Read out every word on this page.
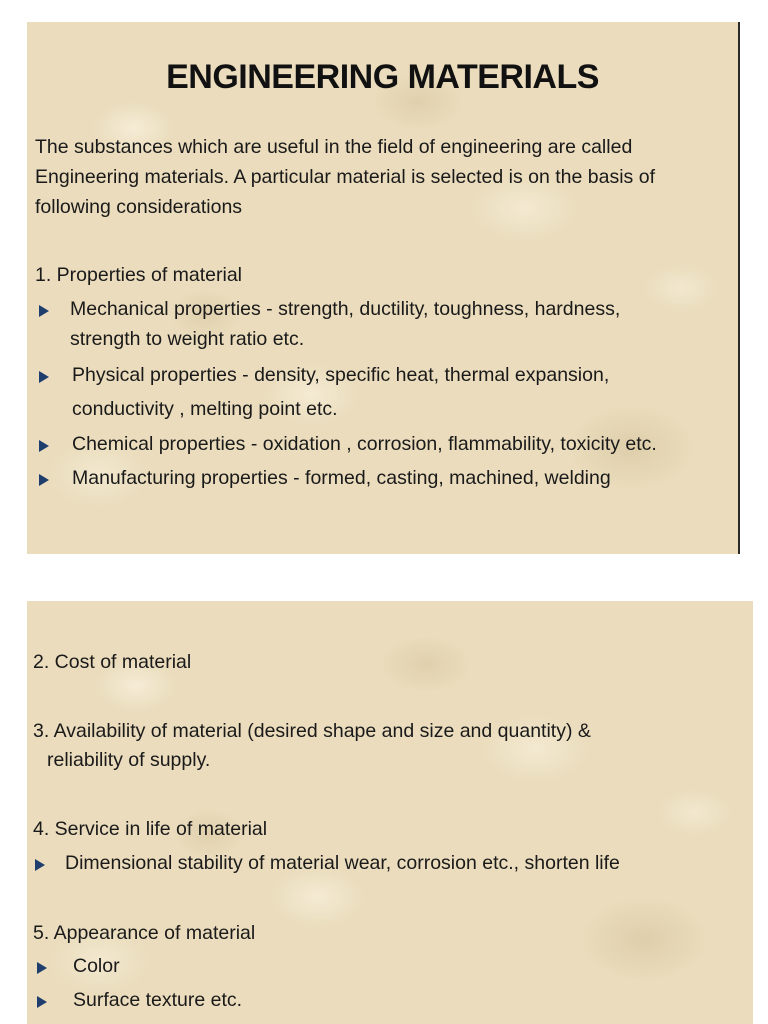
ENGINEERING MATERIALS
The substances which are useful in the field of engineering are called
Engineering materials. A particular material is selected is on the basis of
following considerations
1. Properties of material
Mechanical properties - strength, ductility, toughness, hardness,
strength to weight ratio etc.
Physical properties - density, specific heat, thermal expansion,
conductivity , melting point etc.
Chemical properties - oxidation , corrosion, flammability, toxicity etc.
Manufacturing properties - formed, casting, machined, welding
2. Cost of material
3. Availability of material (desired shape and size and quantity) &
reliability of supply.
4. Service in life of material
Dimensional stability of material wear, corrosion etc., shorten life
5. Appearance of material
Color
Surface texture etc.
